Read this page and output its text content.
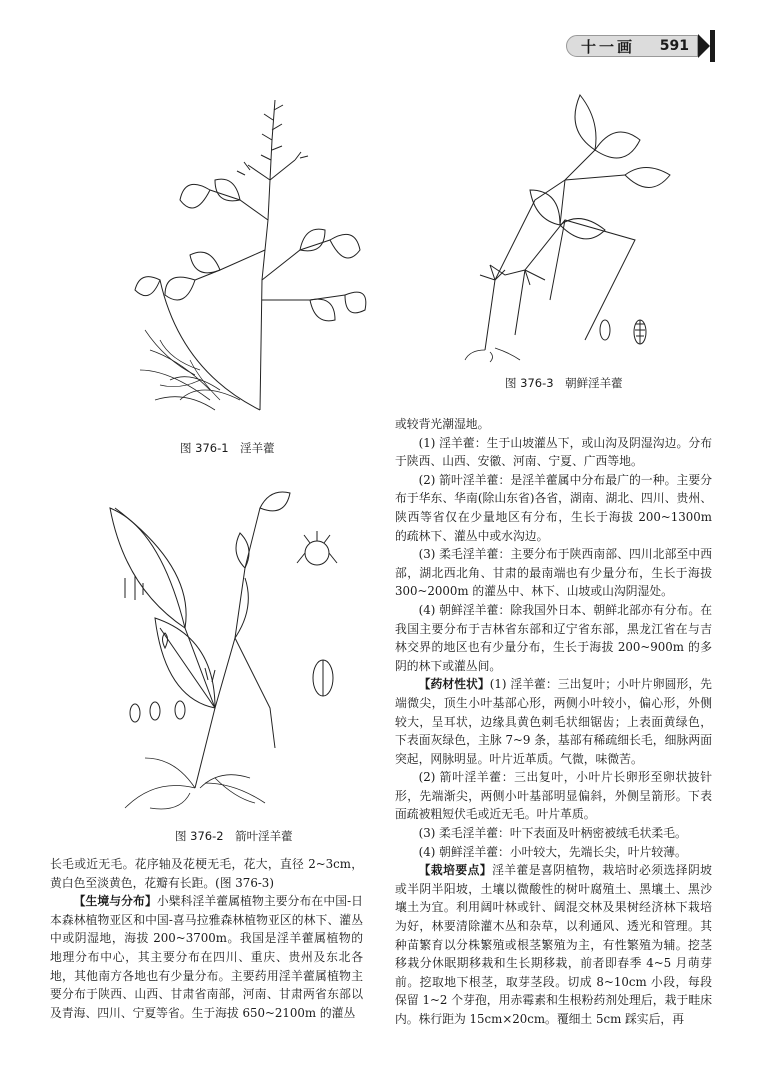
十一画 591
图 376-1　淫羊藿
图 376-2　箭叶淫羊藿
图 376-3　朝鲜淫羊藿

长毛或近无毛。花序轴及花梗无毛，花大，直径 2~3cm，黄白色至淡黄色，花瓣有长距。(图 376-3)

【生境与分布】小檗科淫羊藿属植物主要分布在中国-日本森林植物亚区和中国-喜马拉雅森林植物亚区的林下、灌丛中或阴湿地，海拔 200~3700m。我国是淫羊藿属植物的地理分布中心，其主要分布在四川、重庆、贵州及东北各地，其他南方各地也有少量分布。主要药用淫羊藿属植物主要分布于陕西、山西、甘肃省南部，河南、甘肃两省东部以及青海、四川、宁夏等省。生于海拔 650~2100m 的灌丛

或较背光潮湿地。

(1) 淫羊藿：生于山坡灌丛下，或山沟及阴湿沟边。分布于陕西、山西、安徽、河南、宁夏、广西等地。

(2) 箭叶淫羊藿：是淫羊藿属中分布最广的一种。主要分布于华东、华南(除山东省)各省，湖南、湖北、四川、贵州、陕西等省仅在少量地区有分布，生长于海拔 200~1300m 的疏林下、灌丛中或水沟边。

(3) 柔毛淫羊藿：主要分布于陕西南部、四川北部至中西部，湖北西北角、甘肃的最南端也有少量分布，生长于海拔 300~2000m 的灌丛中、林下、山坡或山沟阴湿处。

(4) 朝鲜淫羊藿：除我国外日本、朝鲜北部亦有分布。在我国主要分布于吉林省东部和辽宁省东部，黑龙江省在与吉林交界的地区也有少量分布，生长于海拔 200~900m 的多阴的林下或灌丛间。

【药材性状】(1) 淫羊藿：三出复叶；小叶片卵圆形，先端微尖，顶生小叶基部心形，两侧小叶较小，偏心形，外侧较大，呈耳状，边缘具黄色刺毛状细锯齿；上表面黄绿色，下表面灰绿色，主脉 7~9 条，基部有稀疏细长毛，细脉两面突起，网脉明显。叶片近革质。气微，味微苦。

(2) 箭叶淫羊藿：三出复叶，小叶片长卵形至卵状披针形，先端渐尖，两侧小叶基部明显偏斜，外侧呈箭形。下表面疏被粗短伏毛或近无毛。叶片革质。

(3) 柔毛淫羊藿：叶下表面及叶柄密被绒毛状柔毛。

(4) 朝鲜淫羊藿：小叶较大，先端长尖，叶片较薄。

【栽培要点】淫羊藿是喜阴植物，栽培时必须选择阴坡或半阴半阳坡，土壤以微酸性的树叶腐殖土、黑壤土、黑沙壤土为宜。利用阔叶林或针、阔混交林及果树经济林下栽培为好，林要清除灌木丛和杂草，以利通风、透光和管理。其种苗繁育以分株繁殖或根茎繁殖为主，有性繁殖为辅。挖茎移栽分休眠期移栽和生长期移栽，前者即春季 4~5 月萌芽前。挖取地下根茎，取芽茎段。切成 8~10cm 小段，每段保留 1~2 个芽孢，用赤霉素和生根粉药剂处理后，栽于畦床内。株行距为 15cm×20cm。覆细土 5cm 踩实后，再
